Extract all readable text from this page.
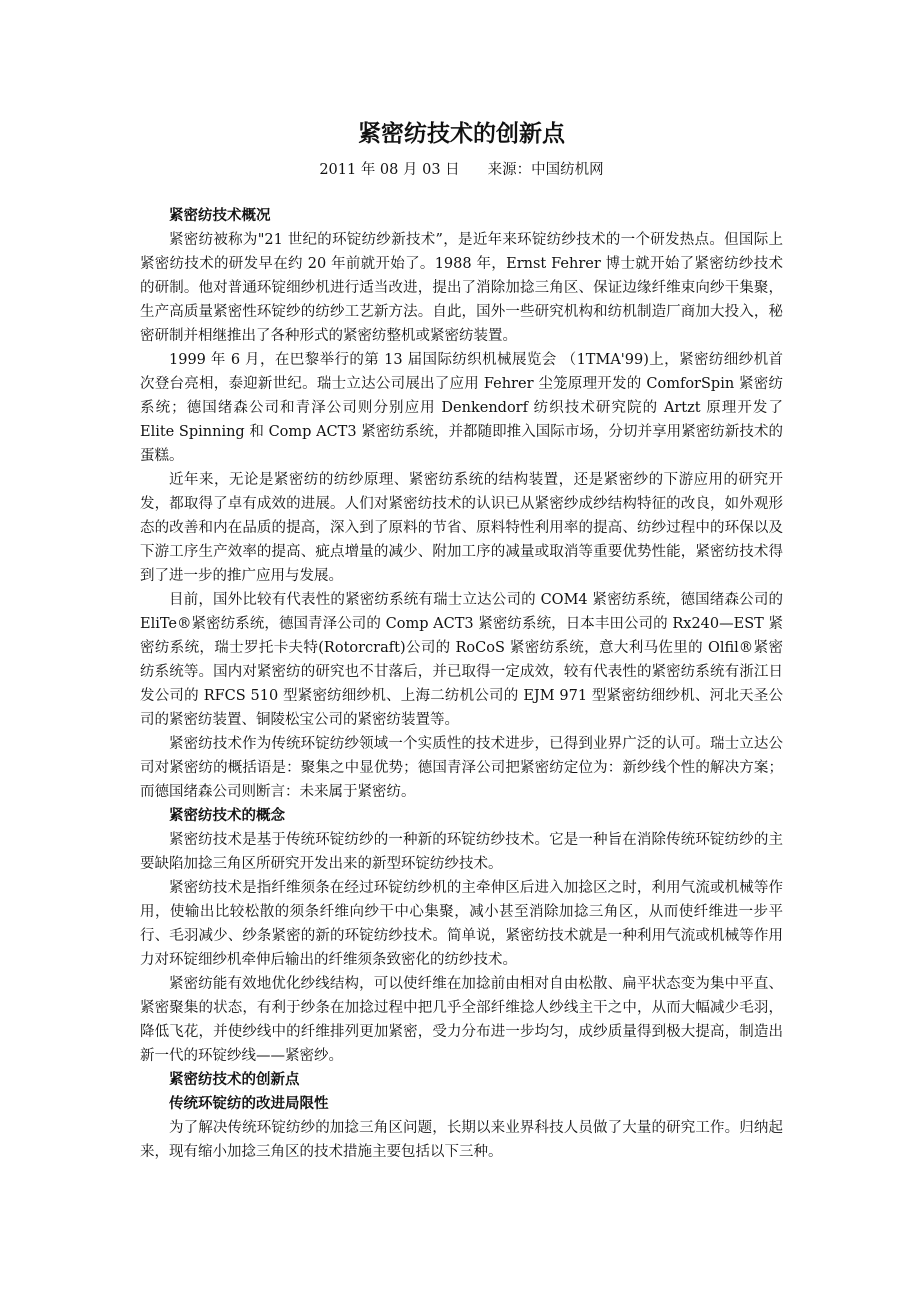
紧密纺技术的创新点
2011 年 08 月 03 日 来源：中国纺机网
紧密纺技术概况

紧密纺被称为"21 世纪的环锭纺纱新技术”，是近年来环锭纺纱技术的一个研发热点。但国际上紧密纺技术的研发早在约 20 年前就开始了。1988 年，Ernst Fehrer 博士就开始了紧密纺纱技术的研制。他对普通环锭细纱机进行适当改进，提出了消除加捻三角区、保证边缘纤维束向纱干集聚，生产高质量紧密性环锭纱的纺纱工艺新方法。自此，国外一些研究机构和纺机制造厂商加大投入，秘密研制并相继推出了各种形式的紧密纺整机或紧密纺装置。

1999 年 6 月，在巴黎举行的第 13 届国际纺织机械展览会 （1TMA'99)上，紧密纺细纱机首次登台亮相，泰迎新世纪。瑞士立达公司展出了应用 Fehrer 尘笼原理开发的 ComforSpin 紧密纺系统；德国绪森公司和青泽公司则分别应用 Denkendorf 纺织技术研究院的 Artzt 原理开发了 Elite Spinning 和 Comp ACT3 紧密纺系统，并都随即推入国际市场，分切并享用紧密纺新技术的蛋糕。

近年来，无论是紧密纺的纺纱原理、紧密纺系统的结构装置，还是紧密纱的下游应用的研究开发，都取得了卓有成效的进展。人们对紧密纺技术的认识已从紧密纱成纱结构特征的改良，如外观形态的改善和内在品质的提高，深入到了原料的节省、原料特性利用率的提高、纺纱过程中的环保以及下游工序生产效率的提高、疵点增量的减少、附加工序的减量或取消等重要优势性能，紧密纺技术得到了进一步的推广应用与发展。

目前，国外比较有代表性的紧密纺系统有瑞士立达公司的 COM4 紧密纺系统，德国绪森公司的 EliTe®紧密纺系统，德国青泽公司的 Comp ACT3 紧密纺系统，日本丰田公司的 Rx240—EST 紧密纺系统，瑞士罗托卡夫特(Rotorcraft)公司的 RoCoS 紧密纺系统，意大利马佐里的 Olfil®紧密纺系统等。国内对紧密纺的研究也不甘落后，并已取得一定成效，较有代表性的紧密纺系统有浙江日发公司的 RFCS 510 型紧密纺细纱机、上海二纺机公司的 EJM 971 型紧密纺细纱机、河北天圣公司的紧密纺装置、铜陵松宝公司的紧密纺装置等。

紧密纺技术作为传统环锭纺纱领域一个实质性的技术进步，已得到业界广泛的认可。瑞士立达公司对紧密纺的概括语是：聚集之中显优势；德国青泽公司把紧密纺定位为：新纱线个性的解决方案；而德国绪森公司则断言：未来属于紧密纺。

紧密纺技术的概念

紧密纺技术是基于传统环锭纺纱的一种新的环锭纺纱技术。它是一种旨在消除传统环锭纺纱的主要缺陷加捻三角区所研究开发出来的新型环锭纺纱技术。

紧密纺技术是指纤维须条在经过环锭纺纱机的主牵伸区后进入加捻区之时，利用气流或机械等作用，使输出比较松散的须条纤维向纱干中心集聚，减小甚至消除加捻三角区，从而使纤维进一步平行、毛羽减少、纱条紧密的新的环锭纺纱技术。简单说，紧密纺技术就是一种利用气流或机械等作用力对环锭细纱机牵伸后输出的纤维须条致密化的纺纱技术。

紧密纺能有效地优化纱线结构，可以使纤维在加捻前由相对自由松散、扁平状态变为集中平直、紧密聚集的状态，有利于纱条在加捻过程中把几乎全部纤维捻人纱线主干之中，从而大幅减少毛羽，降低飞花，并使纱线中的纤维排列更加紧密，受力分布进一步均匀，成纱质量得到极大提高，制造出新一代的环锭纱线——紧密纱。

紧密纺技术的创新点
传统环锭纺的改进局限性

为了解决传统环锭纺纱的加捻三角区问题，长期以来业界科技人员做了大量的研究工作。归纳起来，现有缩小加捻三角区的技术措施主要包括以下三种。
